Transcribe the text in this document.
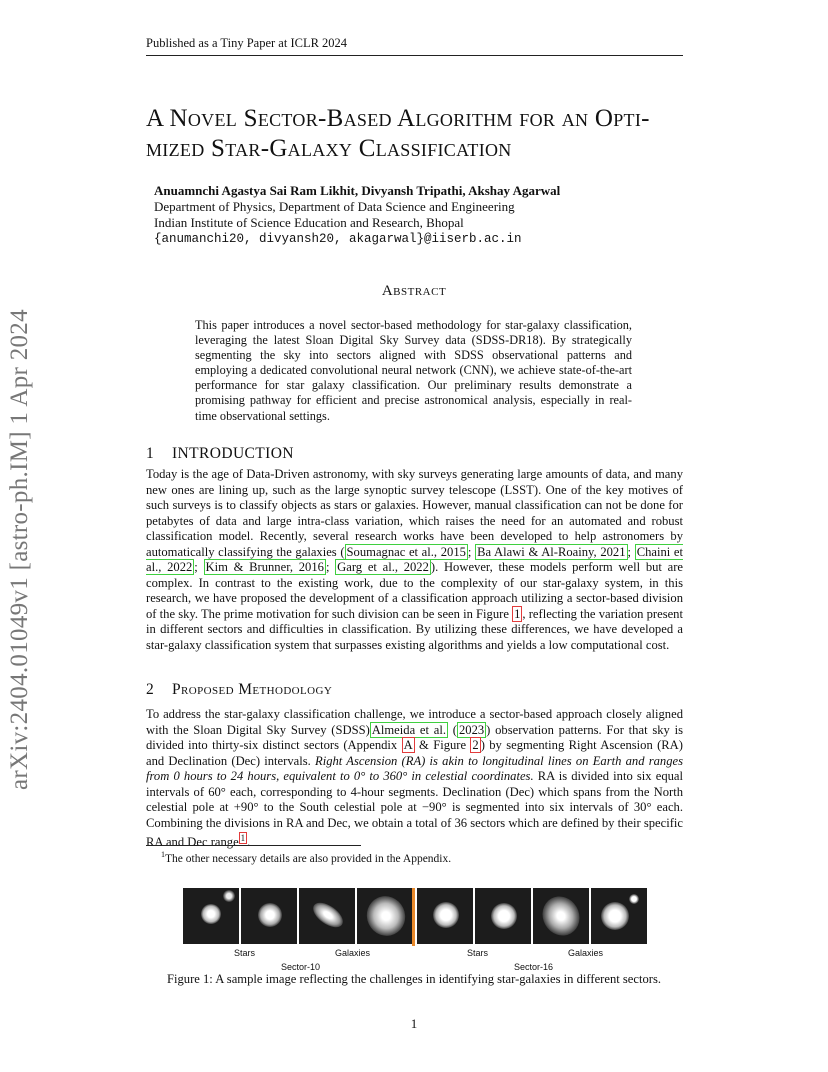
Published as a Tiny Paper at ICLR 2024
arXiv:2404.01049v1 [astro-ph.IM] 1 Apr 2024
A Novel Sector-Based Algorithm for an Opti-
mized Star-Galaxy Classification
Anuamnchi Agastya Sai Ram Likhit, Divyansh Tripathi, Akshay Agarwal
Department of Physics, Department of Data Science and Engineering
Indian Institute of Science Education and Research, Bhopal
{anumanchi20, divyansh20, akagarwal}@iiserb.ac.in
Abstract
This paper introduces a novel sector-based methodology for star-galaxy classification, leveraging the latest Sloan Digital Sky Survey data (SDSS-DR18). By strategically segmenting the sky into sectors aligned with SDSS observational patterns and employing a dedicated convolutional neural network (CNN), we achieve state-of-the-art performance for star galaxy classification. Our preliminary results demonstrate a promising pathway for efficient and precise astronomical analysis, especially in real-time observational settings.
1 INTRODUCTION
Today is the age of Data-Driven astronomy, with sky surveys generating large amounts of data, and many new ones are lining up, such as the large synoptic survey telescope (LSST). One of the key motives of such surveys is to classify objects as stars or galaxies. However, manual classification can not be done for petabytes of data and large intra-class variation, which raises the need for an automated and robust classification model. Recently, several research works have been developed to help astronomers by automatically classifying the galaxies ( Soumagnac et al., 2015 ; Ba Alawi & Al-Roainy, 2021 ; Chaini et al., 2022 ; Kim & Brunner, 2016 ; Garg et al., 2022 ). However, these models perform well but are complex. In contrast to the existing work, due to the complexity of our star-galaxy system, in this research, we have proposed the development of a classification approach utilizing a sector-based division of the sky. The prime motivation for such division can be seen in Figure 1 , reflecting the variation present in different sectors and difficulties in classification. By utilizing these differences, we have developed a star-galaxy classification system that surpasses existing algorithms and yields a low computational cost.
2 Proposed Methodology
To address the star-galaxy classification challenge, we introduce a sector-based approach closely aligned with the Sloan Digital Sky Survey (SDSS) Almeida et al. ( 2023 ) observation patterns. For that sky is divided into thirty-six distinct sectors (Appendix A & Figure 2 ) by segmenting Right Ascension (RA) and Declination (Dec) intervals. Right Ascension (RA) is akin to longitudinal lines on Earth and ranges from 0 hours to 24 hours, equivalent to 0° to 360° in celestial coordinates. RA is divided into six equal intervals of 60° each, corresponding to 4-hour segments. Declination (Dec) which spans from the North celestial pole at +90° to the South celestial pole at −90° is segmented into six intervals of 30° each. Combining the divisions in RA and Dec, we obtain a total of 36 sectors which are defined by their specific RA and Dec range $^1$ .
$^1$The other necessary details are also provided in the Appendix.
Stars	Galaxies	Stars	Galaxies
Sector-10	Sector-16
Figure 1: A sample image reflecting the challenges in identifying star-galaxies in different sectors.
1
